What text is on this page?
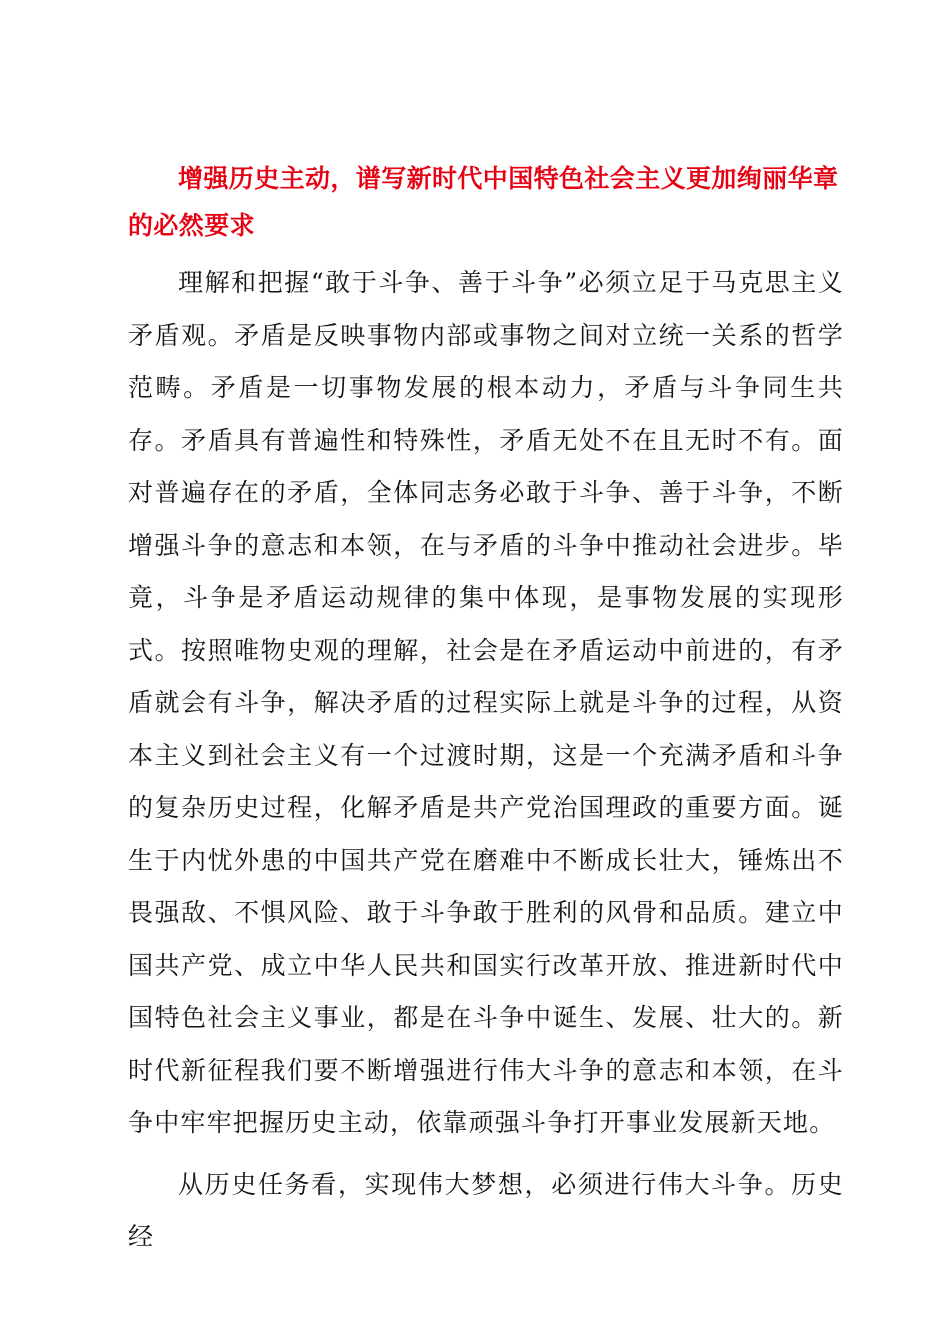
增强历史主动，谱写新时代中国特色社会主义更加绚丽华章的必然要求

理解和把握“敢于斗争、善于斗争”必须立足于马克思主义矛盾观。矛盾是反映事物内部或事物之间对立统一关系的哲学范畴。矛盾是一切事物发展的根本动力，矛盾与斗争同生共存。矛盾具有普遍性和特殊性，矛盾无处不在且无时不有。面对普遍存在的矛盾，全体同志务必敢于斗争、善于斗争，不断增强斗争的意志和本领，在与矛盾的斗争中推动社会进步。毕竟，斗争是矛盾运动规律的集中体现，是事物发展的实现形式。按照唯物史观的理解，社会是在矛盾运动中前进的，有矛盾就会有斗争，解决矛盾的过程实际上就是斗争的过程，从资本主义到社会主义有一个过渡时期，这是一个充满矛盾和斗争的复杂历史过程，化解矛盾是共产党治国理政的重要方面。诞生于内忧外患的中国共产党在磨难中不断成长壮大，锤炼出不畏强敌、不惧风险、敢于斗争敢于胜利的风骨和品质。建立中国共产党、成立中华人民共和国实行改革开放、推进新时代中国特色社会主义事业，都是在斗争中诞生、发展、壮大的。新时代新征程我们要不断增强进行伟大斗争的意志和本领，在斗争中牢牢把握历史主动，依靠顽强斗争打开事业发展新天地。

从历史任务看，实现伟大梦想，必须进行伟大斗争。历史经
